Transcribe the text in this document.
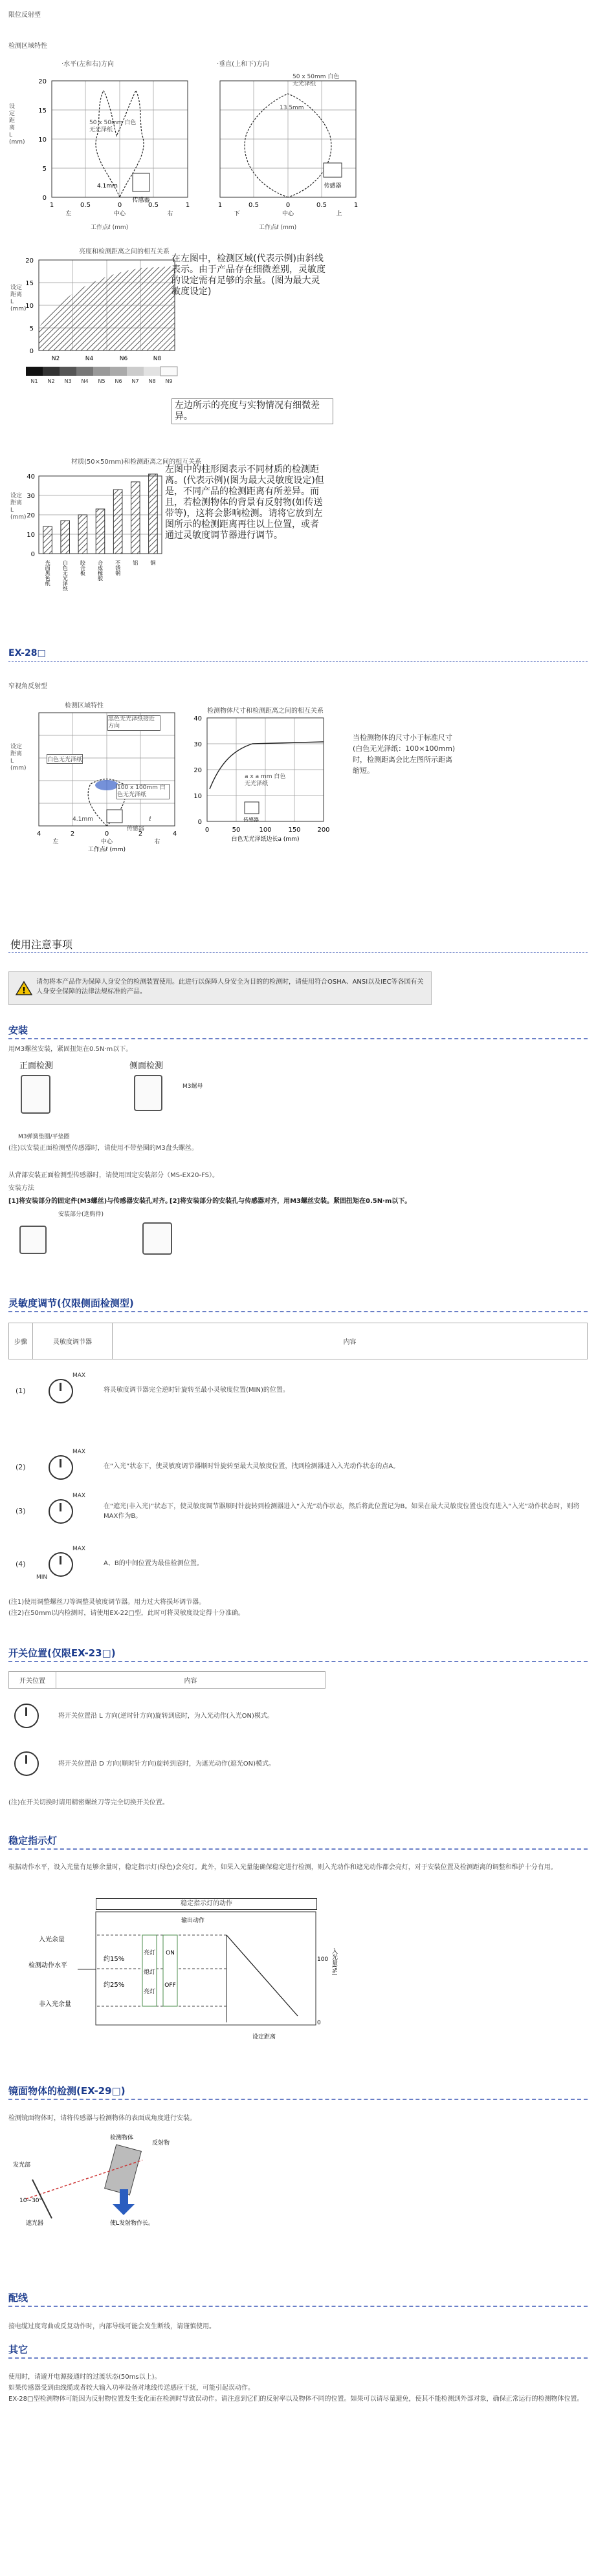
限位反射型
检测区域特性
·水平(左和右)方向
20
15
10
5
0
1	0.5	0	0.5	1
左	中心	右
传感器
4.1mm
50 x 50mm 白色无光泽纸
设定距离L (mm)
工作点ℓ (mm)
·垂直(上和下)方向
传感器
1	0.5	0	0.5	1
下	中心	上
50 x 50mm 白色无光泽纸
13.5mm
工作点ℓ (mm)
亮度和检测距离之间的相互关系
20
15
10
5
0
N2	N4	N6	N8
N1 N2 N3 N4 N5 N6 N7 N8 N9
设定距离L (mm)
在左图中，检测区域(代表示例)由斜线表示。由于产品存在细微差别，灵敏度的设定需有足够的余量。(图为最大灵敏度设定)
左边所示的亮度与实物情况有细微差异。
材质(50×50mm)和检测距离之间的相互关系
40
30
20
10
0
光面黑色纸 白色无光泽纸 胶合板 合成橡胶 不锈钢 铝 铜
设定距离L (mm)
左图中的柱形图表示不同材质的检测距离。(代表示例)(图为最大灵敏度设定)但是，不同产品的检测距离有所差异。而且，若检测物体的背景有反射物(如传送带等)，这将会影响检测。请将它放到左图所示的检测距离再往以上位置，或者通过灵敏度调节器进行调节。
EX-28□
窄视角反射型
检测区域特性
4	2	0	2	4
左	中心	右
工作点ℓ (mm)
设定距离L (mm)
黑色无光泽纸接近方向
白色无光泽纸
100 x 100mm 白色无光泽纸
4.1mm
传感器
ℓ
检测物体尺寸和检测距离之间的相互关系
40
30
20
10
0
0	50	100	150	200
白色无光泽纸边长a (mm)
传感器
a x a mm 白色无光泽纸
当检测物体的尺寸小于标准尺寸(白色无光泽纸：100×100mm)时，检测距离会比左图所示距离缩短。
使用注意事项
!
请勿将本产品作为保障人身安全的检测装置使用。此进行以保障人身安全为目的的检测时，请使用符合OSHA、ANSI以及IEC等各国有关人身安全保障的法律法规标准的产品。
安装
用M3螺丝安装，紧固扭矩在0.5N·m以下。
正面检测	侧面检测
M3螺母
M3弹簧垫圈/平垫圈
(注)以安装正面检测型传感器时，请使用不带垫圈的M3盘头螺丝。
从背部安装正面检测型传感器时，请使用固定安装部分（MS-EX20-FS）。
安装方法
[1]将安装部分的固定件(M3螺丝)与传感器安装孔对齐。
[2]将安装部分的安装孔与传感器对齐，用M3螺丝安装。紧固扭矩在0.5N·m以下。
安装部分(选购件)
灵敏度调节(仅限侧面检测型)
步骤	灵敏度调节器	内容
(1)
MAX
将灵敏度调节器完全逆时针旋转至最小灵敏度位置(MIN)的位置。
(2)
MAX
在“入光”状态下，使灵敏度调节器顺时针旋转至最大灵敏度位置，找到检测器进入入光动作状态的点A。
(3)
MAX
在“遮光(非入光)”状态下，使灵敏度调节器顺时针旋转到检测器进入“入光”动作状态，然后将此位置记为B。如果在最大灵敏度位置也没有进入“入光”动作状态时，则将MAX作为B。
(4)
MAX
MIN
A、B的中间位置为最佳检测位置。
(注1)使用调整螺丝刀等调整灵敏度调节器。用力过大将损坏调节器。
(注2)在50mm以内检测时，请使用EX-22□型，此时可将灵敏度设定得十分准确。
开关位置(仅限EX-23□)
开关位置	内容
将开关位置沿 L 方向(逆时针方向)旋转到底时，为入光动作(入光ON)模式。
将开关位置沿 D 方向(顺时针方向)旋转到底时，为遮光动作(遮光ON)模式。
(注)在开关切换时请用精密螺丝刀等完全切换开关位置。
稳定指示灯
根据动作水平，设入光量有足够余量时，稳定指示灯(绿色)会亮灯。此外，如果入光量能确保稳定进行检测，则入光动作和遮光动作都会亮灯，对于安装位置及检测距离的调整和维护十分有用。
稳定指示灯的动作
入光余量
检测动作水平
非入光余量
约15%
约25%
亮灯
熄灯
亮灯
ON
OFF
输出动作
100
0
设定距离
入光量(%)
镜面物体的检测(EX-29□)
检测镜面物体时，请将传感器与检测物体的表面成角度进行安装。
检测物体
发光部
10~30°
使L发射物作长。
遮光器
反射物
配线
接电缆过度弯曲或反复动作时，内部导线可能会发生断线，请谨慎使用。
其它
使用时，请避开电源接通时的过渡状态(50ms以上)。
如果传感器受到由线缆或者较大输入功率设备对地线传送感应干扰，可能引起误动作。
EX-28□型检测物体可能因为反射物位置发生变化而在检测时导致误动作。请注意到它们的反射率以及物体不同的位置。如果可以请尽量避免，使其不能检测到外部对象，确保正常运行的检测物体位置。
